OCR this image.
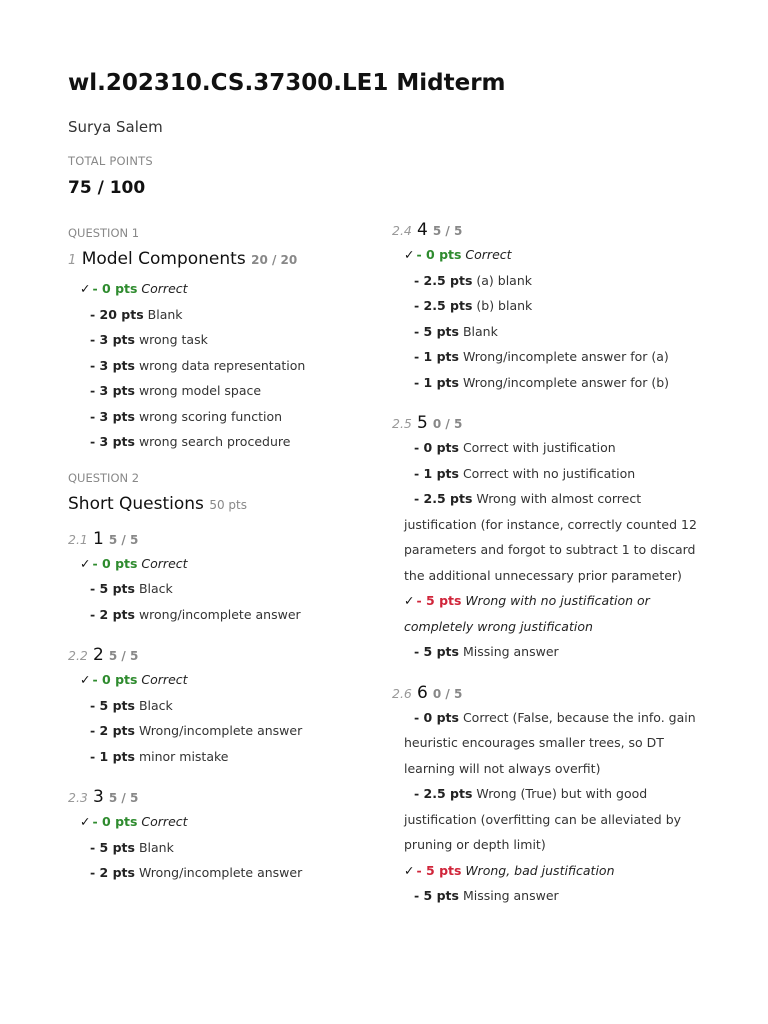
wl.202310.CS.37300.LE1 Midterm
Surya Salem
TOTAL POINTS
75 / 100
QUESTION 1
1 Model Components 20 / 20
✓ - 0 pts Correct
- 20 pts Blank
- 3 pts wrong task
- 3 pts wrong data representation
- 3 pts wrong model space
- 3 pts wrong scoring function
- 3 pts wrong search procedure
QUESTION 2
Short Questions 50 pts
2.1 1 5 / 5
✓ - 0 pts Correct
- 5 pts Black
- 2 pts wrong/incomplete answer
2.2 2 5 / 5
✓ - 0 pts Correct
- 5 pts Black
- 2 pts Wrong/incomplete answer
- 1 pts minor mistake
2.3 3 5 / 5
✓ - 0 pts Correct
- 5 pts Blank
- 2 pts Wrong/incomplete answer
2.4 4 5 / 5
✓ - 0 pts Correct
- 2.5 pts (a) blank
- 2.5 pts (b) blank
- 5 pts Blank
- 1 pts Wrong/incomplete answer for (a)
- 1 pts Wrong/incomplete answer for (b)
2.5 5 0 / 5
- 0 pts Correct with justification
- 1 pts Correct with no justification
- 2.5 pts Wrong with almost correct justification (for instance, correctly counted 12 parameters and forgot to subtract 1 to discard the additional unnecessary prior parameter)
✓ - 5 pts Wrong with no justification or completely wrong justification
- 5 pts Missing answer
2.6 6 0 / 5
- 0 pts Correct (False, because the info. gain heuristic encourages smaller trees, so DT learning will not always overfit)
- 2.5 pts Wrong (True) but with good justification (overfitting can be alleviated by pruning or depth limit)
✓ - 5 pts Wrong, bad justification
- 5 pts Missing answer
